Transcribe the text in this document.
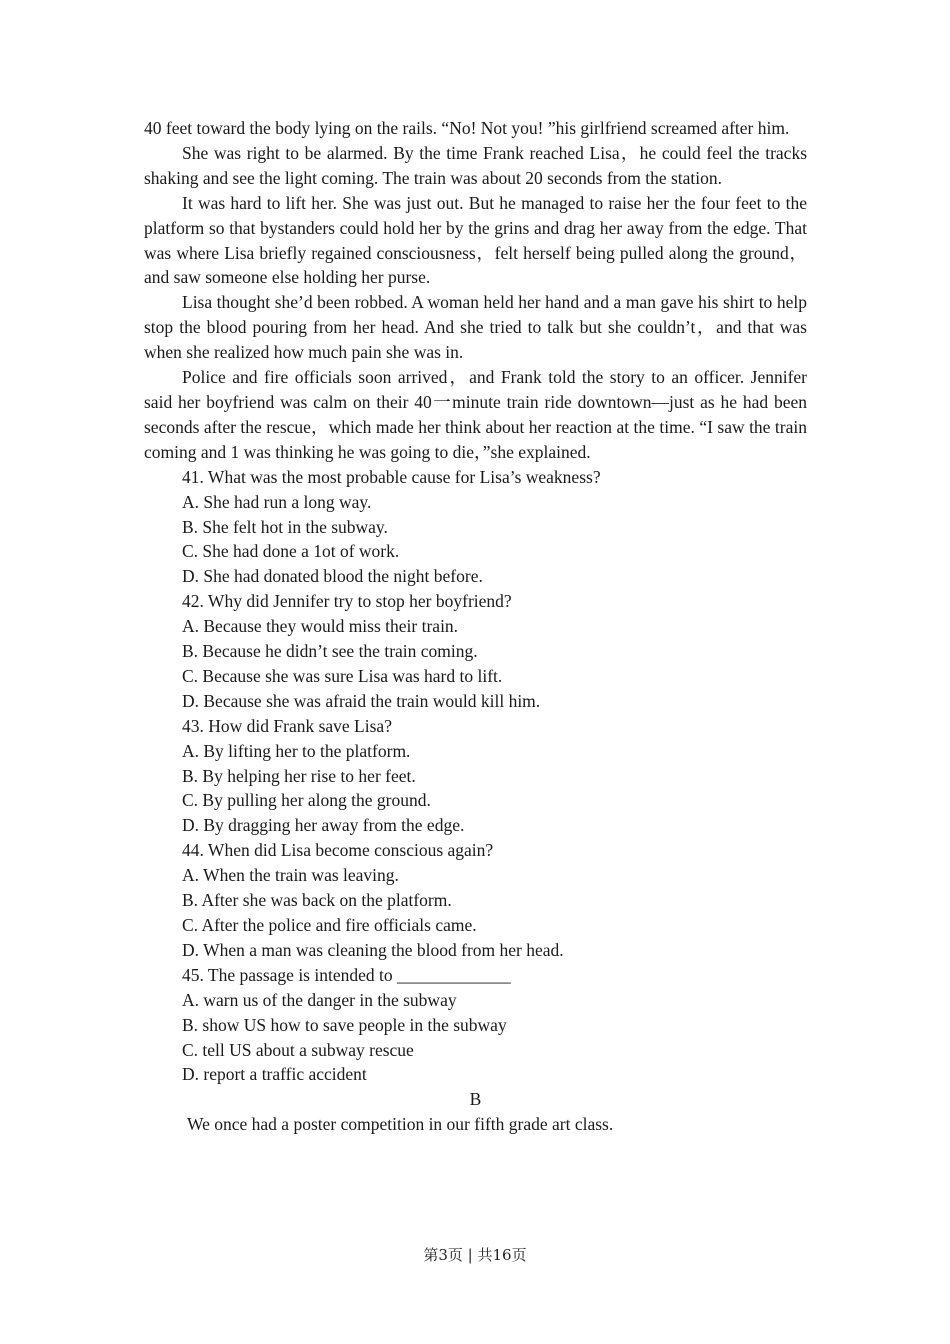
40 feet toward the body lying on the rails. “No! Not you! ”his girlfriend screamed after him.

She was right to be alarmed. By the time Frank reached Lisa，he could feel the tracks shaking and see the light coming. The train was about 20 seconds from the station.

It was hard to lift her. She was just out. But he managed to raise her the four feet to the platform so that bystanders could hold her by the grins and drag her away from the edge. That was where Lisa briefly regained consciousness，felt herself being pulled along the ground，and saw someone else holding her purse.

Lisa thought she’d been robbed. A woman held her hand and a man gave his shirt to help stop the blood pouring from her head. And she tried to talk but she couldn’t，and that was when she realized how much pain she was in.

Police and fire officials soon arrived，and Frank told the story to an officer. Jennifer said her boyfriend was calm on their 40一minute train ride downtown—just as he had been seconds after the rescue，which made her think about her reaction at the time. “I saw the train coming and 1 was thinking he was going to die，”she explained.

41. What was the most probable cause for Lisa’s weakness?

A. She had run a long way.

B. She felt hot in the subway.

C. She had done a 1ot of work.

D. She had donated blood the night before.

42. Why did Jennifer try to stop her boyfriend?

A. Because they would miss their train.

B. Because he didn’t see the train coming.

C. Because she was sure Lisa was hard to lift.

D. Because she was afraid the train would kill him.

43. How did Frank save Lisa?

A. By lifting her to the platform.

B. By helping her rise to her feet.

C. By pulling her along the ground.

D. By dragging her away from the edge.

44. When did Lisa become conscious again?

A. When the train was leaving.

B. After she was back on the platform.

C. After the police and fire officials came.

D. When a man was cleaning the blood from her head.

45. The passage is intended to _____________

A. warn us of the danger in the subway

B. show US how to save people in the subway

C. tell US about a subway rescue

D. report a traffic accident

B

We once had a poster competition in our fifth grade art class.

第3页 | 共16页
